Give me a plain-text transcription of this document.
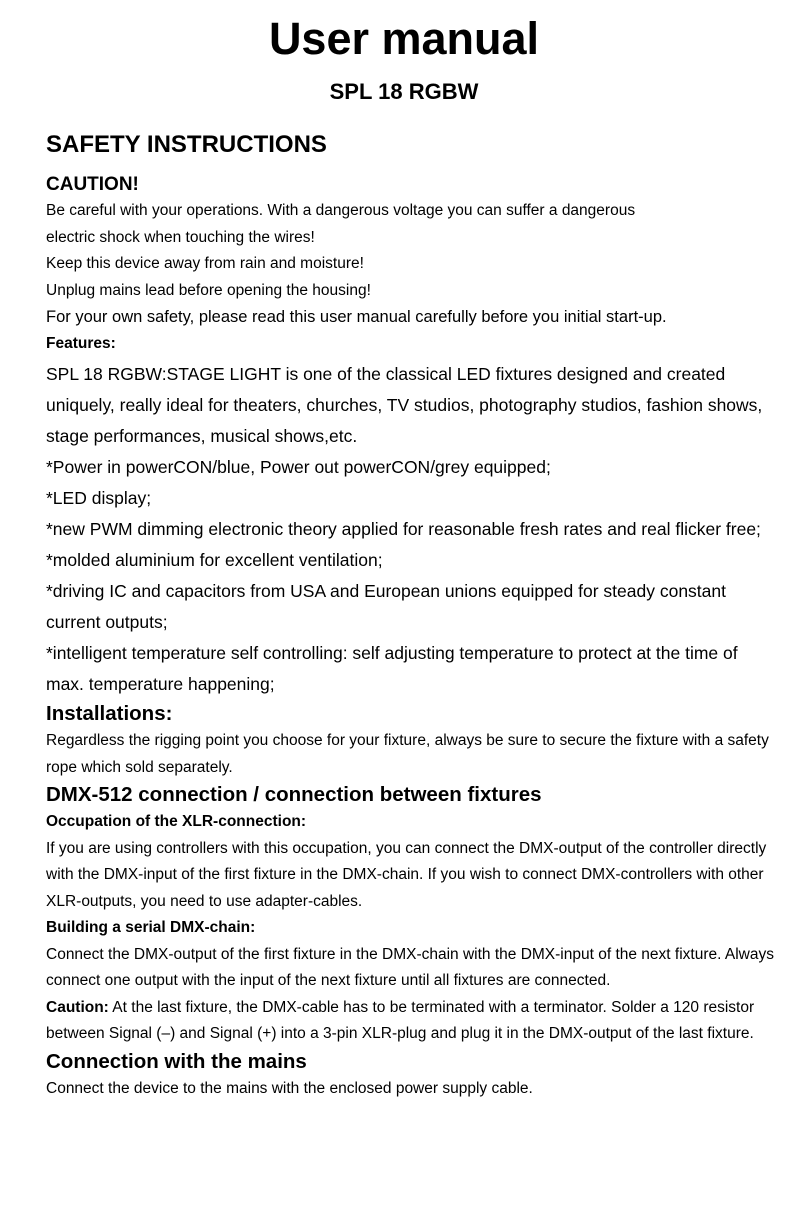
User manual
SPL 18 RGBW
SAFETY INSTRUCTIONS
CAUTION!

Be careful with your operations. With a dangerous voltage you can suffer a dangerous

electric shock when touching the wires!

Keep this device away from rain and moisture!

Unplug mains lead before opening the housing!

For your own safety, please read this user manual carefully before you initial start-up.

Features:

SPL 18 RGBW:STAGE LIGHT is one of the classical LED fixtures designed and created uniquely, really ideal for theaters, churches, TV studios, photography studios, fashion shows, stage performances, musical shows,etc.

*Power in powerCON/blue, Power out powerCON/grey equipped;

*LED display;

*new PWM dimming electronic theory applied for reasonable fresh rates and real flicker free;

*molded aluminium for excellent ventilation;

*driving IC and capacitors from USA and European unions equipped for steady constant current outputs;

*intelligent temperature self controlling: self adjusting temperature to protect at the time of max. temperature happening;

Installations:

Regardless the rigging point you choose for your fixture, always be sure to secure the fixture with a safety rope which sold separately.

DMX-512 connection / connection between fixtures

Occupation of the XLR-connection:

If you are using controllers with this occupation, you can connect the DMX-output of the controller directly with the DMX-input of the first fixture in the DMX-chain. If you wish to connect DMX-controllers with other XLR-outputs, you need to use adapter-cables.

Building a serial DMX-chain:

Connect the DMX-output of the first fixture in the DMX-chain with the DMX-input of the next fixture. Always connect one output with the input of the next fixture until all fixtures are connected.

Caution: At the last fixture, the DMX-cable has to be terminated with a terminator. Solder a 120 resistor between Signal (–) and Signal (+) into a 3-pin XLR-plug and plug it in the DMX-output of the last fixture.

Connection with the mains

Connect the device to the mains with the enclosed power supply cable.
